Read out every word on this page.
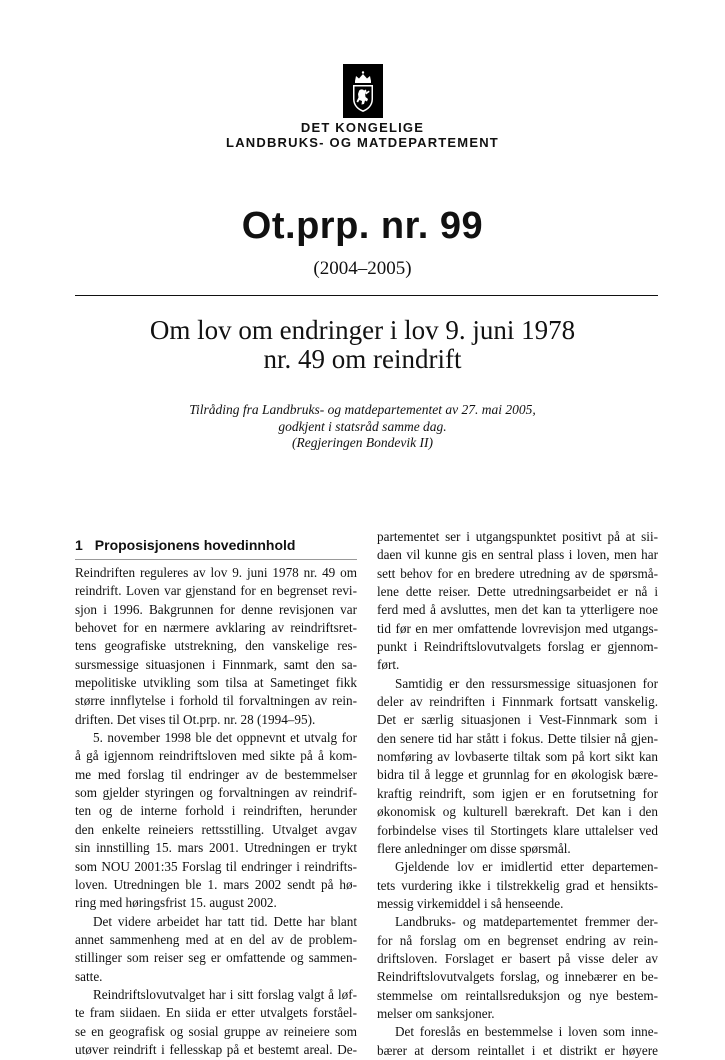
DET KONGELIGE
LANDBRUKS- OG MATDEPARTEMENT
Ot.prp. nr. 99
(2004–2005)
Om lov om endringer i lov 9. juni 1978
nr. 49 om reindrift
Tilråding fra Landbruks- og matdepartementet av 27. mai 2005,
godkjent i statsråd samme dag.
(Regjeringen Bondevik II)
1 Proposisjonens hovedinnhold
Reindriften reguleres av lov 9. juni 1978 nr. 49 om
reindrift. Loven var gjenstand for en begrenset revi-
sjon i 1996. Bakgrunnen for denne revisjonen var
behovet for en nærmere avklaring av reindriftsret-
tens geografiske utstrekning, den vanskelige res-
sursmessige situasjonen i Finnmark, samt den sa-
mepolitiske utvikling som tilsa at Sametinget fikk
større innflytelse i forhold til forvaltningen av rein-
driften. Det vises til Ot.prp. nr. 28 (1994–95).
5. november 1998 ble det oppnevnt et utvalg for
å gå igjennom reindriftsloven med sikte på å kom-
me med forslag til endringer av de bestemmelser
som gjelder styringen og forvaltningen av reindrif-
ten og de interne forhold i reindriften, herunder
den enkelte reineiers rettsstilling. Utvalget avgav
sin innstilling 15. mars 2001. Utredningen er trykt
som NOU 2001:35 Forslag til endringer i reindrifts-
loven. Utredningen ble 1. mars 2002 sendt på hø-
ring med høringsfrist 15. august 2002.
Det videre arbeidet har tatt tid. Dette har blant
annet sammenheng med at en del av de problem-
stillinger som reiser seg er omfattende og sammen-
satte.
Reindriftslovutvalget har i sitt forslag valgt å løf-
te fram siidaen. En siida er etter utvalgets forståel-
se en geografisk og sosial gruppe av reineiere som
utøver reindrift i fellesskap på et bestemt areal. De-
partementet ser i utgangspunktet positivt på at sii-
daen vil kunne gis en sentral plass i loven, men har
sett behov for en bredere utredning av de spørsmå-
lene dette reiser. Dette utredningsarbeidet er nå i
ferd med å avsluttes, men det kan ta ytterligere noe
tid før en mer omfattende lovrevisjon med utgangs-
punkt i Reindriftslovutvalgets forslag er gjennom-
ført.
Samtidig er den ressursmessige situasjonen for
deler av reindriften i Finnmark fortsatt vanskelig.
Det er særlig situasjonen i Vest-Finnmark som i
den senere tid har stått i fokus. Dette tilsier nå gjen-
nomføring av lovbaserte tiltak som på kort sikt kan
bidra til å legge et grunnlag for en økologisk bære-
kraftig reindrift, som igjen er en forutsetning for
økonomisk og kulturell bærekraft. Det kan i den
forbindelse vises til Stortingets klare uttalelser ved
flere anledninger om disse spørsmål.
Gjeldende lov er imidlertid etter departemen-
tets vurdering ikke i tilstrekkelig grad et hensikts-
messig virkemiddel i så henseende.
Landbruks- og matdepartementet fremmer der-
for nå forslag om en begrenset endring av rein-
driftsloven. Forslaget er basert på visse deler av
Reindriftslovutvalgets forslag, og innebærer en be-
stemmelse om reintallsreduksjon og nye bestem-
melser om sanksjoner.
Det foreslås en bestemmelse i loven som inne-
bærer at dersom reintallet i et distrikt er høyere
